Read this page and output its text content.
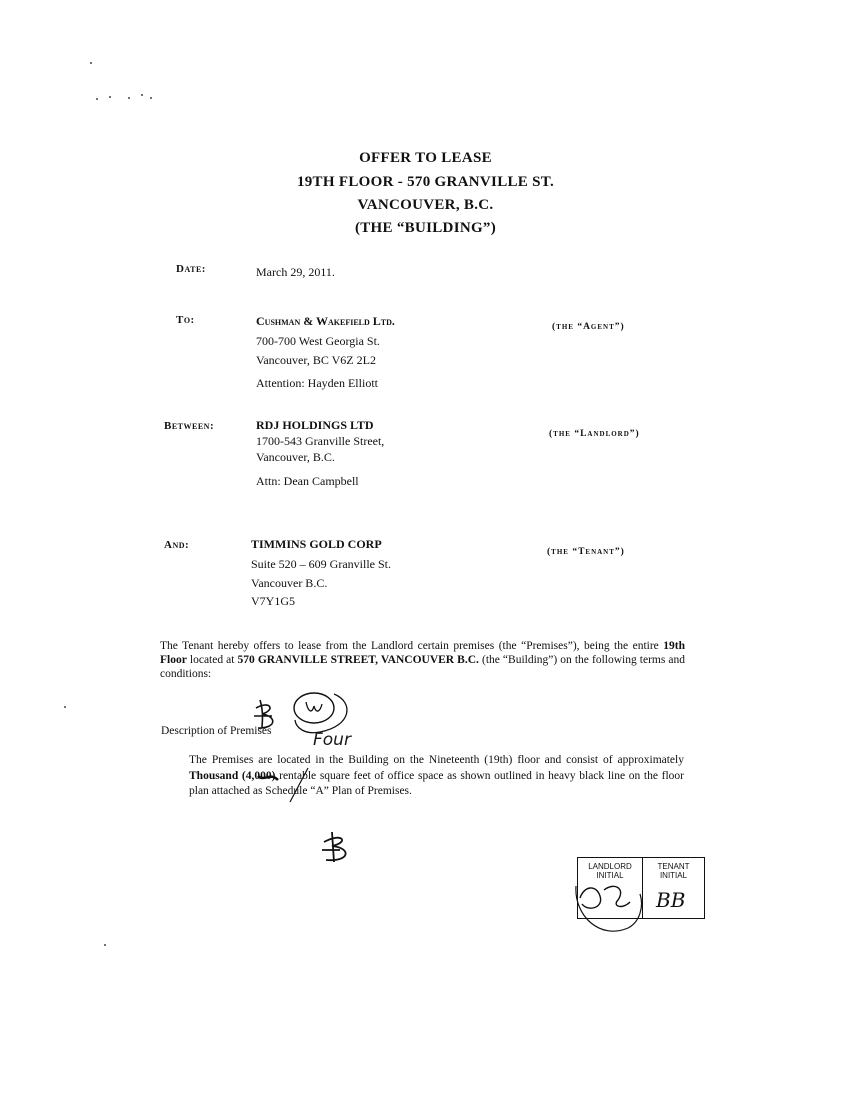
OFFER TO LEASE
19TH FLOOR - 570 GRANVILLE ST.
VANCOUVER, B.C.
(THE “BUILDING”)
Date:	March 29, 2011.
To:	Cushman & Wakefield Ltd.
700-700 West Georgia St.
Vancouver, BC V6Z 2L2
Attention: Hayden Elliott
(the “Agent”)
Between:	RDJ HOLDINGS LTD
1700-543 Granville Street,
Vancouver, B.C.
Attn: Dean Campbell
(the “Landlord”)
And:	TIMMINS GOLD CORP
Suite 520 – 609 Granville St.
Vancouver B.C.
V7Y1G5
(the “Tenant”)
The Tenant hereby offers to lease from the Landlord certain premises (the “Premises”), being the entire 19th Floor located at 570 GRANVILLE STREET, VANCOUVER B.C. (the “Building”) on the following terms and conditions:
Description of Premises
The Premises are located in the Building on the Nineteenth (19th) floor and consist of approximately Thousand (4,000) rentable square feet of office space as shown outlined in heavy black line on the floor plan attached as Schedule “A” Plan of Premises.
Four
LANDLORD INITIAL
TENANT INITIAL
BB
